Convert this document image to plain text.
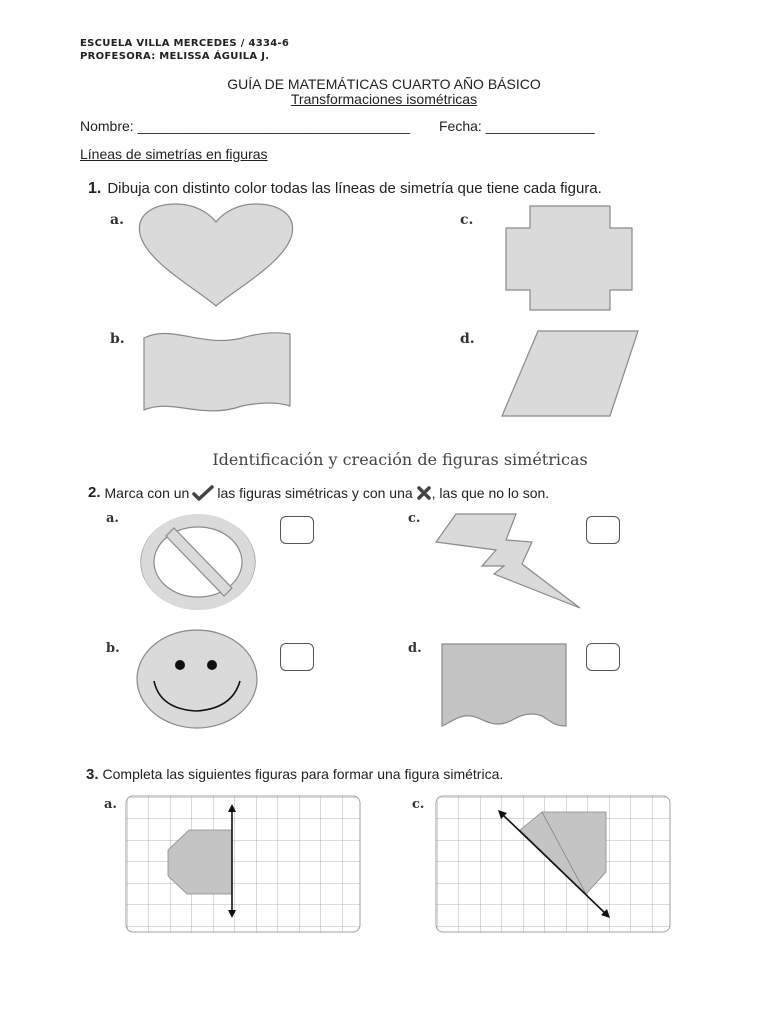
ESCUELA VILLA MERCEDES / 4334-6
PROFESORA: MELISSA ÁGUILA J.
GUÍA DE MATEMÁTICAS CUARTO AÑO BÁSICO
Transformaciones isométricas
Nombre: ___________________________________ Fecha: ______________
Líneas de simetrías en figuras
1. Dibuja con distinto color todas las líneas de simetría que tiene cada figura.
a.	c.
b.	d.
Identificación y creación de figuras simétricas
2. Marca con un las figuras simétricas y con una , las que no lo son.
a.	c.
b.	d.
3. Completa las siguientes figuras para formar una figura simétrica.
a.	c.
